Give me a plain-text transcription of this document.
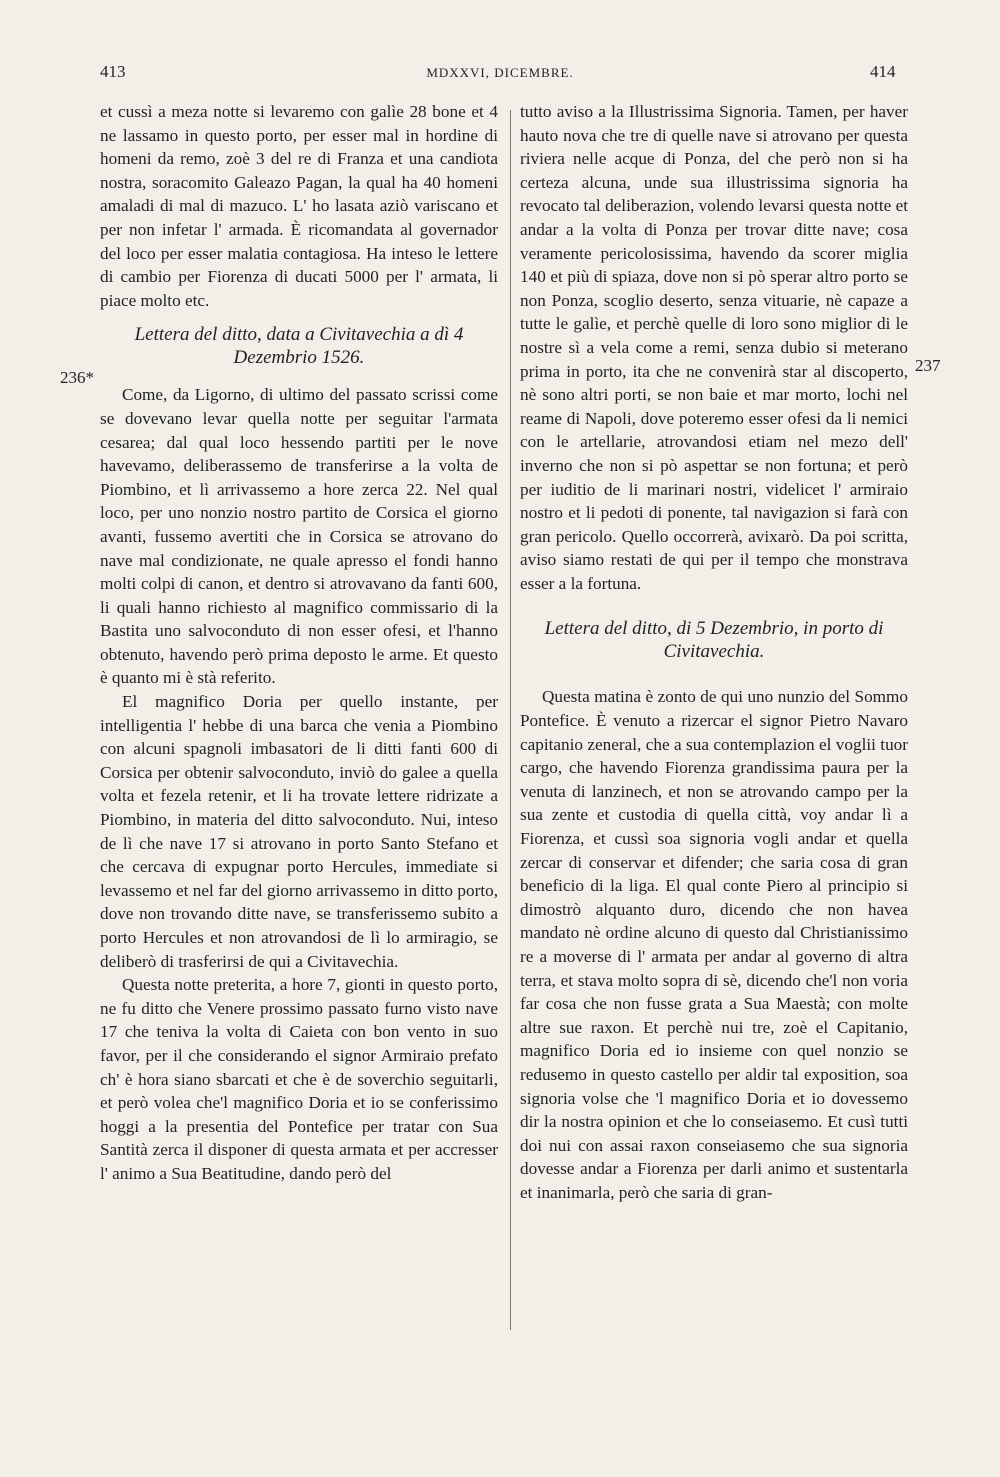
413	MDXXVI, DICEMBRE.	414
236*
237

et cussì a meza notte si levaremo con galìe 28 bone et 4 ne lassamo in questo porto, per esser mal in hordine di homeni da remo, zoè 3 del re di Franza et una candiota nostra, soracomito Galeazo Pagan, la qual ha 40 homeni amaladi di mal di mazuco. L' ho lasata aziò variscano et per non infetar l' armada. È ricomandata al governador del loco per esser malatia contagiosa. Ha inteso le lettere di cambio per Fiorenza di ducati 5000 per l' armata, li piace molto etc.

Lettera del ditto, data a Civitavechia a dì 4 Dezembrio 1526.

Come, da Ligorno, di ultimo del passato scrissi come se dovevano levar quella notte per seguitar l'armata cesarea; dal qual loco hessendo partiti per le nove havevamo, deliberassemo de transferirse a la volta de Piombino, et lì arrivassemo a hore zerca 22. Nel qual loco, per uno nonzio nostro partito de Corsica el giorno avanti, fussemo avertiti che in Corsica se atrovano do nave mal condizionate, ne quale apresso el fondi hanno molti colpi di canon, et dentro si atrovavano da fanti 600, li quali hanno richiesto al magnifico commissario di la Bastita uno salvoconduto di non esser ofesi, et l'hanno obtenuto, havendo però prima deposto le arme. Et questo è quanto mi è stà referito.

El magnifico Doria per quello instante, per intelligentia l' hebbe di una barca che venia a Piombino con alcuni spagnoli imbasatori de li ditti fanti 600 di Corsica per obtenir salvoconduto, inviò do galee a quella volta et fezela retenir, et li ha trovate lettere ridrizate a Piombino, in materia del ditto salvoconduto. Nui, inteso de lì che nave 17 si atrovano in porto Santo Stefano et che cercava di expugnar porto Hercules, immediate si levassemo et nel far del giorno arrivassemo in ditto porto, dove non trovando ditte nave, se transferissemo subito a porto Hercules et non atrovandosi de lì lo armiragio, se deliberò di trasferirsi de qui a Civitavechia.

Questa notte preterita, a hore 7, gionti in questo porto, ne fu ditto che Venere prossimo passato furno visto nave 17 che teniva la volta di Caieta con bon vento in suo favor, per il che considerando el signor Armiraio prefato ch' è hora siano sbarcati et che è de soverchio seguitarli, et però volea che'l magnifico Doria et io se conferissimo hoggi a la presentia del Pontefice per tratar con Sua Santità zerca il disponer di questa armata et per accresser l' animo a Sua Beatitudine, dando però del

tutto aviso a la Illustrissima Signoria. Tamen, per haver hauto nova che tre di quelle nave si atrovano per questa riviera nelle acque di Ponza, del che però non si ha certeza alcuna, unde sua illustrissima signoria ha revocato tal deliberazion, volendo levarsi questa notte et andar a la volta di Ponza per trovar ditte nave; cosa veramente pericolosissima, havendo da scorer miglia 140 et più di spiaza, dove non si pò sperar altro porto se non Ponza, scoglio deserto, senza vituarie, nè capaze a tutte le galìe, et perchè quelle di loro sono miglior di le nostre sì a vela come a remi, senza dubio si meterano prima in porto, ita che ne convenirà star al discoperto, nè sono altri porti, se non baie et mar morto, lochi nel reame di Napoli, dove poteremo esser ofesi da li nemici con le artellarie, atrovandosi etiam nel mezo dell' inverno che non si pò aspettar se non fortuna; et però per iuditio de li marinari nostri, videlicet l' armiraio nostro et li pedoti di ponente, tal navigazion si farà con gran pericolo. Quello occorrerà, avixarò. Da poi scritta, aviso siamo restati de qui per il tempo che monstrava esser a la fortuna.

Lettera del ditto, di 5 Dezembrio, in porto di Civitavechia.

Questa matina è zonto de qui uno nunzio del Sommo Pontefice. È venuto a rizercar el signor Pietro Navaro capitanio zeneral, che a sua contemplazion el voglii tuor cargo, che havendo Fiorenza grandissima paura per la venuta di lanzinech, et non se atrovando campo per la sua zente et custodia di quella città, voy andar lì a Fiorenza, et cussì soa signoria vogli andar et quella zercar di conservar et difender; che saria cosa di gran beneficio di la liga. El qual conte Piero al principio si dimostrò alquanto duro, dicendo che non havea mandato nè ordine alcuno di questo dal Christianissimo re a moverse di l' armata per andar al governo di altra terra, et stava molto sopra di sè, dicendo che'l non voria far cosa che non fusse grata a Sua Maestà; con molte altre sue raxon. Et perchè nui tre, zoè el Capitanio, magnifico Doria ed io insieme con quel nonzio se redusemo in questo castello per aldir tal exposition, soa signoria volse che 'l magnifico Doria et io dovessemo dir la nostra opinion et che lo conseiasemo. Et cusì tutti doi nui con assai raxon conseiasemo che sua signoria dovesse andar a Fiorenza per darli animo et sustentarla et inanimarla, però che saria di gran-
